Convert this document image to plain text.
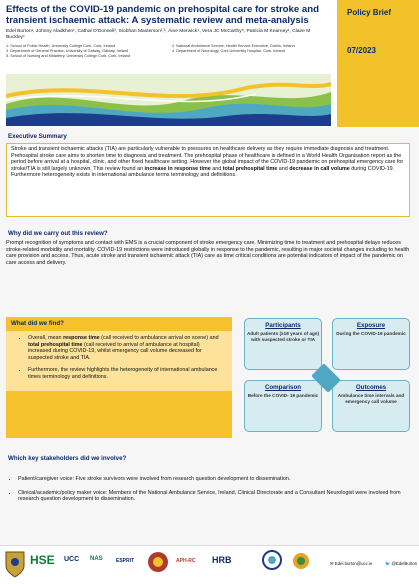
Effects of the COVID-19 pandemic on prehospital care for stroke and transient ischaemic attack: A systematic review and meta-analysis
Edel Burton¹, Johnny Aladkhen¹, Cathal O'Donnell², Siobhan Masterson²,³, Áine Merwick⁴, Vera JC McCarthy⁵, Patricia M Kearney¹, Claire M Buckley¹
1. School of Public Health, University College Cork, Cork, Ireland
3. Department of General Practice, University of Galway, Galway, Ireland
5. School of Nursing and Midwifery, University College Cork, Cork, Ireland
2. National Ambulance Service, Health Service Executive, Dublin, Ireland
4. Department of Neurology, Cork University Hospital, Cork, Ireland
Policy Brief
07/2023
Executive Summary
Stroke and transient ischaemic attacks (TIA) are particularly vulnerable to pressures on healthcare delivery as they require immediate diagnosis and treatment. Prehospital stroke care aims to shorten time to diagnosis and treatment. The prehospital phase of healthcare is defined in a World Health Organisation report as the period before arrival at a hospital, clinic, and other fixed healthcare setting. However the global impact of the COVID-19 pandemic on prehospital emergency care for stroke/TIA is still largely unknown. This review found an increase in response time and total prehospital time and decrease in call volume during COVID-19. Furthermore heterogeneity exists in international ambulance terms terminology and definitions.
Why did we carry out this review?
Prompt recognition of symptoms and contact with EMS is a crucial component of stroke emergency care. Minimizing time to treatment and prehospital delays reduces stroke-related morbidity and mortality. COVID-19 restrictions were introduced globally in response to the pandemic, resulting in major societal changes including to health care provision and access. Thus, acute stroke and transient ischaemic attack (TIA) care as time critical conditions are potential indicators of impact of the pandemic on care access and delivery.
What did we find?
• Overall, mean response time (call received to ambulance arrival on scene) and total prehospital time (call received to arrival of ambulance at hospital) increased during COVID-19, whilst emergency call volume decreased for suspected stroke and TIA.
• Furthermore, the review highlights the heterogeneity of international ambulance times terminology and definitions.
Participants
Adult patients (≥18 years of age) with suspected stroke or TIA
Exposure
During the COVID-19 pandemic
Comparison
Before the COVID- 19 pandemic
Outcomes
Ambulance time intervals and emergency call volume
Which key stakeholders did we involve?
• Patient/caregiver voice: Five stroke survivors were involved from research question development to dissemination.
• Clinical/academic/policy maker voice: Members of the National Ambulance Service, Ireland, Clinical Directorate and a Consultant Neurologist were involved from research question development to dissemination.
HSE UCC NAS	ESPRIT	APH-RC HRB	✉ Edel.burton@ucc.ie	🐦 @EdelBurton
